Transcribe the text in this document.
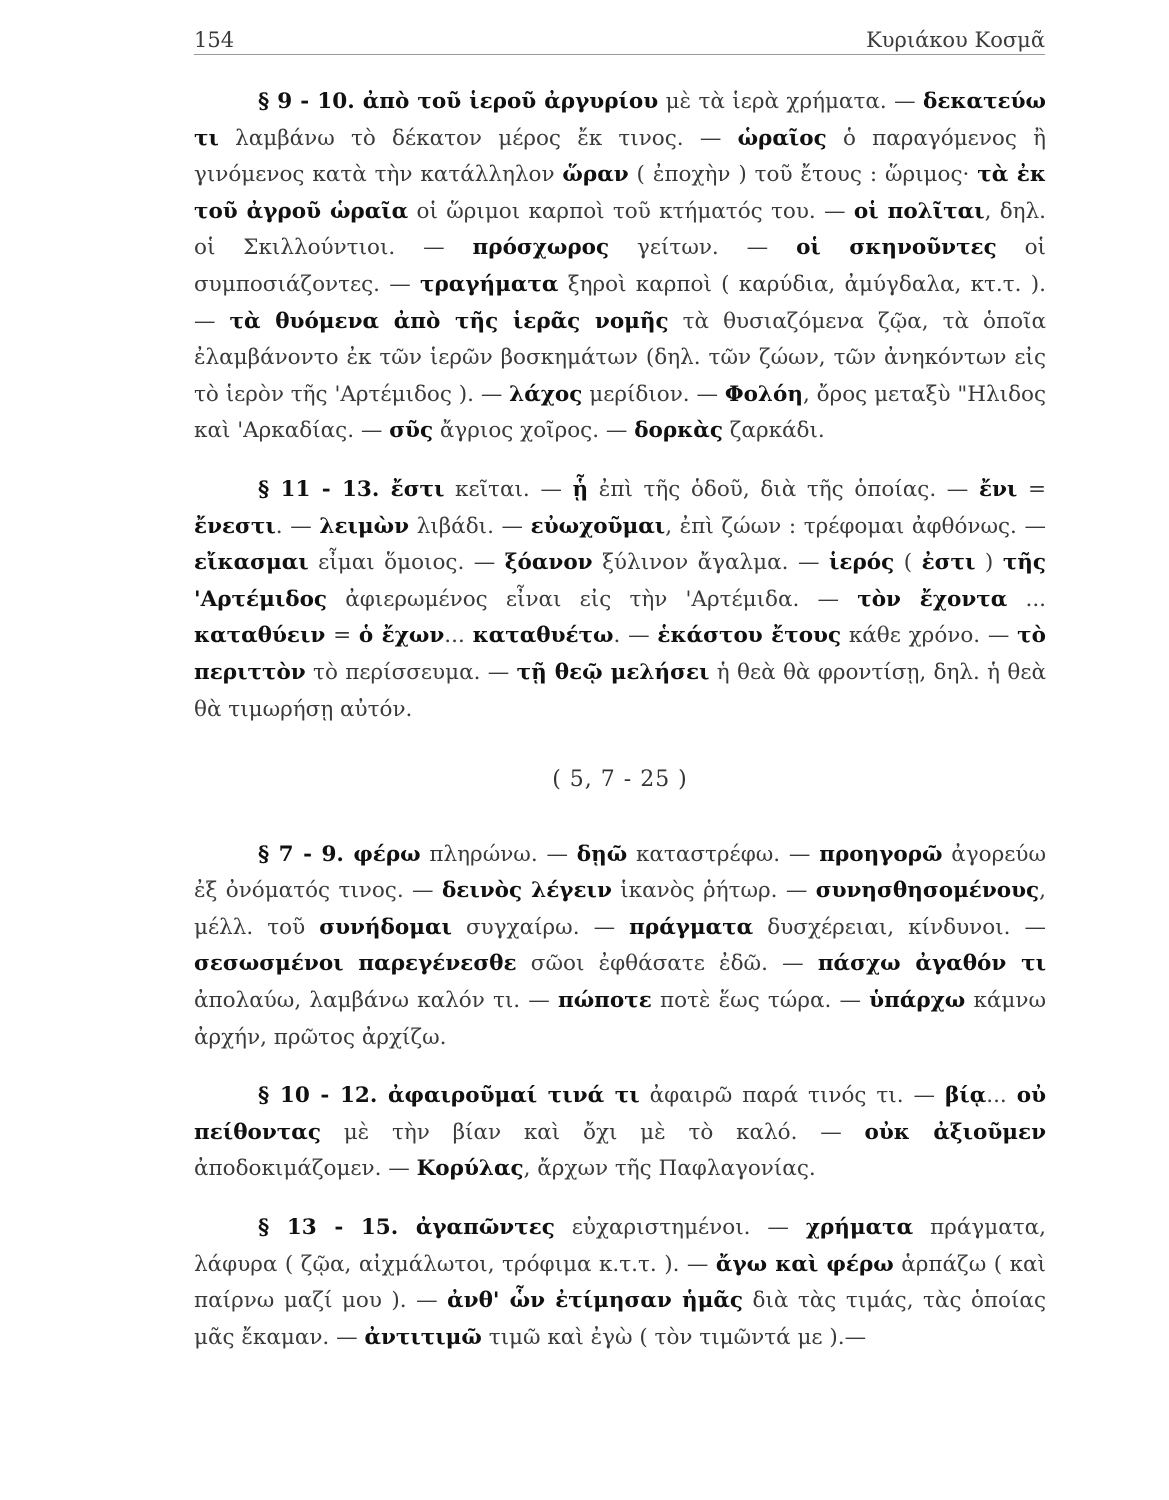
154	Κυριάκου Κοσμᾶ

§ 9 - 10. ἀπὸ τοῦ ἱεροῦ ἀργυρίου μὲ τὰ ἱερὰ χρήματα. — δεκατεύω τι λαμβάνω τὸ δέκατον μέρος ἔκ τινος. — ὡραῖος ὁ παραγόμενος ἢ γινόμενος κατὰ τὴν κατάλληλον ὥραν ( ἐποχὴν ) τοῦ ἔτους : ὥριμος· τὰ ἐκ τοῦ ἀγροῦ ὡραῖα οἱ ὥριμοι καρποὶ τοῦ κτήματός του. — οἱ πολῖται, δηλ. οἱ Σκιλλούντιοι. — πρόσχωρος γείτων. — οἱ σκηνοῦντες οἱ συμποσιάζοντες. — τραγήματα ξηροὶ καρποὶ ( καρύδια, ἀμύγδαλα, κτ.τ. ). — τὰ θυόμενα ἀπὸ τῆς ἱερᾶς νομῆς τὰ θυσιαζόμενα ζῷα, τὰ ὁποῖα ἐλαμβάνοντο ἐκ τῶν ἱερῶν βοσκημάτων (δηλ. τῶν ζώων, τῶν ἀνηκόντων εἰς τὸ ἱερὸν τῆς 'Αρτέμιδος ). — λάχος μερίδιον. — Φολόη, ὄρος μεταξὺ "Ηλιδος καὶ 'Αρκαδίας. — σῦς ἄγριος χοῖρος. — δορκὰς ζαρκάδι.

§ 11 - 13. ἔστι κεῖται. — ᾗ ἐπὶ τῆς ὁδοῦ, διὰ τῆς ὁποίας. — ἔνι = ἔνεστι. — λειμὼν λιβάδι. — εὐωχοῦμαι, ἐπὶ ζώων : τρέφομαι ἀφθόνως. — εἴκασμαι εἶμαι ὅμοιος. — ξόανον ξύλινον ἄγαλμα. — ἱερός ( ἐστι ) τῆς 'Αρτέμιδος ἀφιερωμένος εἶναι εἰς τὴν 'Αρτέμιδα. — τὸν ἔχοντα ... καταθύειν = ὁ ἔχων... καταθυέτω. — ἑκάστου ἔτους κάθε χρόνο. — τὸ περιττὸν τὸ περίσσευμα. — τῇ θεῷ μελήσει ἡ θεὰ θὰ φροντίσῃ, δηλ. ἡ θεὰ θὰ τιμωρήσῃ αὐτόν.

( 5, 7 - 25 )

§ 7 - 9. φέρω πληρώνω. — δῃῶ καταστρέφω. — προηγορῶ ἀγορεύω ἐξ ὀνόματός τινος. — δεινὸς λέγειν ἱκανὸς ῥήτωρ. — συνησθησομένους, μέλλ. τοῦ συνήδομαι συγχαίρω. — πράγματα δυσχέρειαι, κίνδυνοι. — σεσωσμένοι παρεγένεσθε σῶοι ἐφθάσατε ἐδῶ. — πάσχω ἀγαθόν τι ἀπολαύω, λαμβάνω καλόν τι. — πώποτε ποτὲ ἕως τώρα. — ὑπάρχω κάμνω ἀρχήν, πρῶτος ἀρχίζω.

§ 10 - 12. ἀφαιροῦμαί τινά τι ἀφαιρῶ παρά τινός τι. — βίᾳ... οὐ πείθοντας μὲ τὴν βίαν καὶ ὄχι μὲ τὸ καλό. — οὐκ ἀξιοῦμεν ἀποδοκιμάζομεν. — Κορύλας, ἄρχων τῆς Παφλαγονίας.

§ 13 - 15. ἀγαπῶντες εὐχαριστημένοι. — χρήματα πράγματα, λάφυρα ( ζῷα, αἰχμάλωτοι, τρόφιμα κ.τ.τ. ). — ἄγω καὶ φέρω ἁρπάζω ( καὶ παίρνω μαζί μου ). — ἀνθ' ὧν ἐτίμησαν ἡμᾶς διὰ τὰς τιμάς, τὰς ὁποίας μᾶς ἔκαμαν. — ἀντιτιμῶ τιμῶ καὶ ἐγὼ ( τὸν τιμῶντά με ).—
